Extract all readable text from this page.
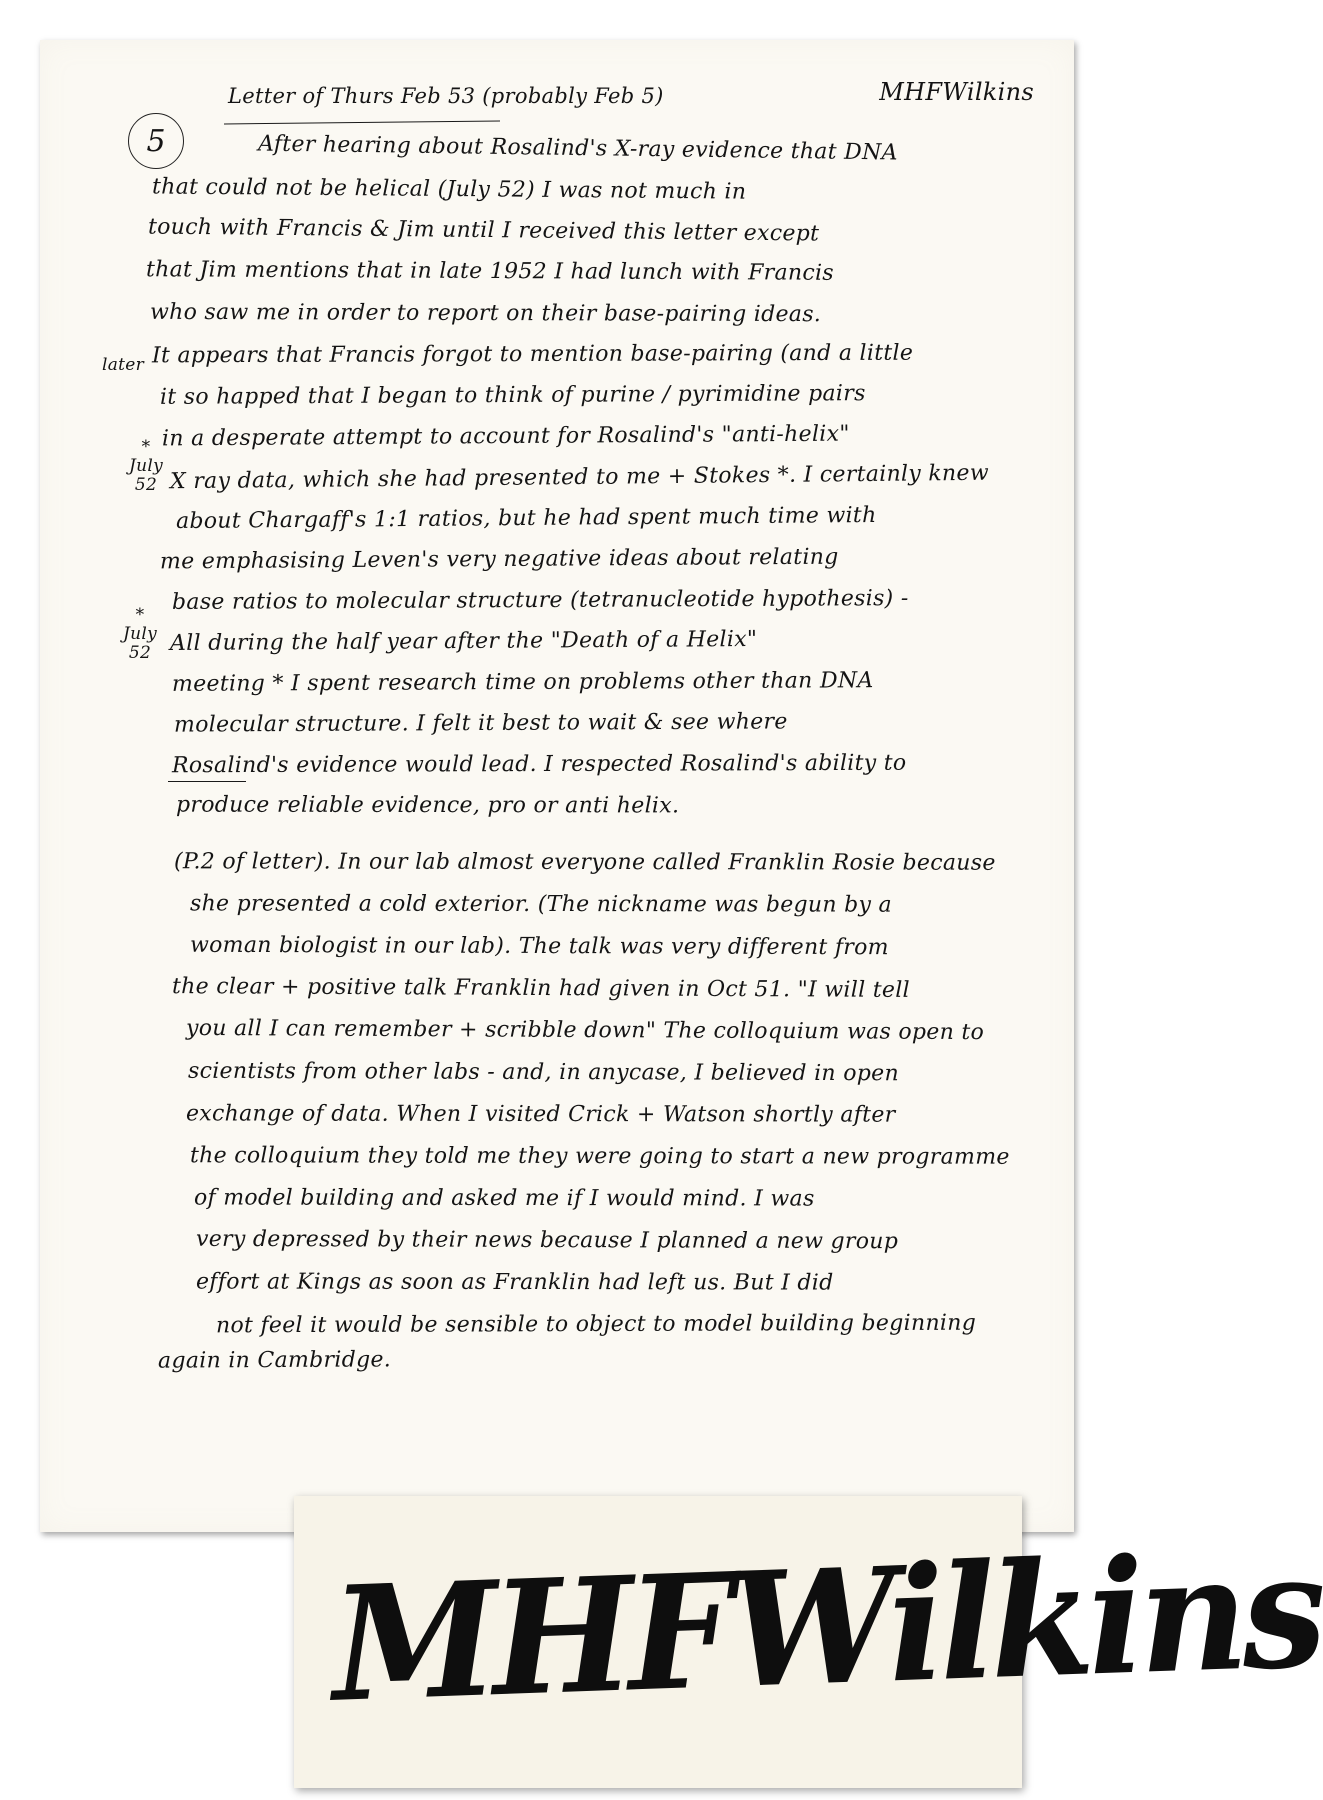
5
Letter of Thurs Feb 53 (probably Feb 5)	MHFWilkins
later
* July 52
* July 52
After hearing about Rosalind's X-ray evidence that DNA
that could not be helical (July 52) I was not much in
touch with Francis & Jim until I received this letter except
that Jim mentions that in late 1952 I had lunch with Francis
who saw me in order to report on their base-pairing ideas.
It appears that Francis forgot to mention base-pairing (and a little
it so happed that I began to think of purine / pyrimidine pairs
in a desperate attempt to account for Rosalind's "anti-helix"
X ray data, which she had presented to me + Stokes *. I certainly knew
about Chargaff's 1:1 ratios, but he had spent much time with
me emphasising Leven's very negative ideas about relating
base ratios to molecular structure (tetranucleotide hypothesis) -
All during the half year after the "Death of a Helix"
meeting * I spent research time on problems other than DNA
molecular structure. I felt it best to wait & see where
Rosalind's evidence would lead. I respected Rosalind's ability to
produce reliable evidence, pro or anti helix.
(P.2 of letter). In our lab almost everyone called Franklin Rosie because
she presented a cold exterior. (The nickname was begun by a
woman biologist in our lab). The talk was very different from
the clear + positive talk Franklin had given in Oct 51. "I will tell
you all I can remember + scribble down" The colloquium was open to
scientists from other labs - and, in anycase, I believed in open
exchange of data. When I visited Crick + Watson shortly after
the colloquium they told me they were going to start a new programme
of model building and asked me if I would mind. I was
very depressed by their news because I planned a new group
effort at Kings as soon as Franklin had left us. But I did
not feel it would be sensible to object to model building beginning
again in Cambridge.
MHFWilkins
